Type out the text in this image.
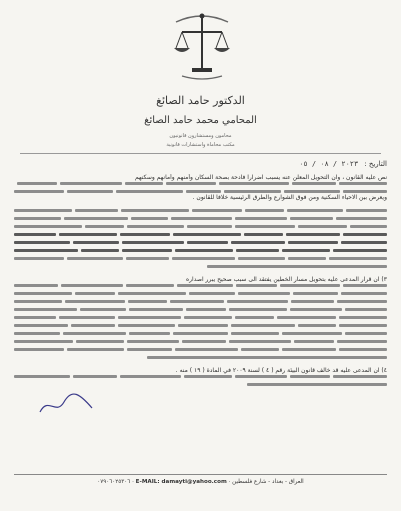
الدكتور حامد الصائغ
المحامي محمد حامد الصائغ
محامون ومستشارون قانونيون
مكتب محاماة واستشارات قانونية
التاريخ :
٢٠٢٣ / ٠٨ / ٠٥
نص عليه القانون ، وان التحويل المعلن عنه يسبب اضراراً فادحة بصحة السكان وأمنهم وأمانهم وسكنهم
ويعرض بين الاحياء السكنية ومن فوق الشوارع والطرق الرئيسية خلافاً للقانون .
٣) ان قرار المدعى عليه بتحويل مسار الخطين يفتقد الى سبب صحيح يبرر اصداره
٤) ان المدعى عليه قد خالف قانون البيئة رقم ( ٤ ) لسنة ٢٠٠٩ في المادة ( ١٩ ) منه .
العراق - بغداد - شارع فلسطين · E-MAIL: damayti@yahoo.com · ٠٧٩٠٦٠٢٥٣٠٦
